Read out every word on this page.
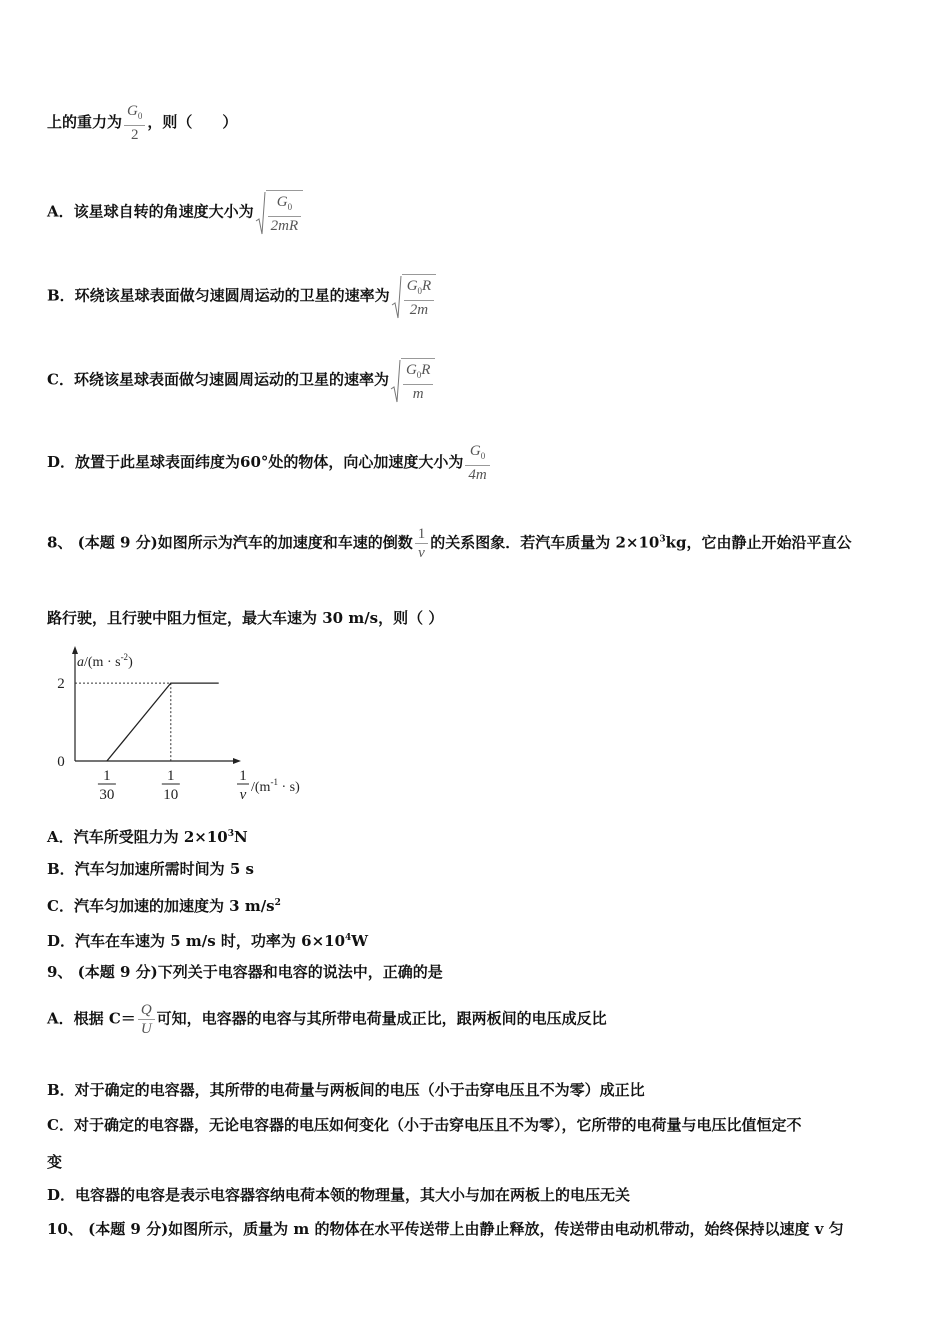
上的重力为 $\frac{G_0}{2}$ ，则（　　）
A．该星球自转的角速度大小为 $\frac{G_0}{2mR}$
B．环绕该星球表面做匀速圆周运动的卫星的速率为 $\frac{G_0R}{2m}$
C．环绕该星球表面做匀速圆周运动的卫星的速率为 $\frac{G_0R}{m}$
D．放置于此星球表面纬度为60°处的物体，向心加速度大小为 $\frac{G_0}{4m}$
8、 (本题 9 分)如图所示为汽车的加速度和车速的倒数 $\frac{1}{v}$ 的关系图象．若汽车质量为 $2\times 10^3kg$，它由静止开始沿平直公
路行驶，且行驶中阻力恒定，最大车速为 30 m/s，则（ ）
$a/(m \cdot s^{-2})$
2
0
1
30
1
10
1
v $/(m^{-1} \cdot s)$
A．汽车所受阻力为 $2\times 10^3N$
B．汽车匀加速所需时间为 5 s
C．汽车匀加速的加速度为 3 $m/s^2$
D．汽车在车速为 5 m/s 时，功率为 $6\times 10^4W$
9、 (本题 9 分)下列关于电容器和电容的说法中，正确的是
A．根据 $C= \frac{Q}{U}$ 可知，电容器的电容与其所带电荷量成正比，跟两板间的电压成反比
B．对于确定的电容器，其所带的电荷量与两板间的电压（小于击穿电压且不为零）成正比
C．对于确定的电容器，无论电容器的电压如何变化（小于击穿电压且不为零），它所带的电荷量与电压比值恒定不
变
D．电容器的电容是表示电容器容纳电荷本领的物理量，其大小与加在两板上的电压无关
10、 (本题 9 分)如图所示，质量为 m 的物体在水平传送带上由静止释放，传送带由电动机带动，始终保持以速度 v 匀
